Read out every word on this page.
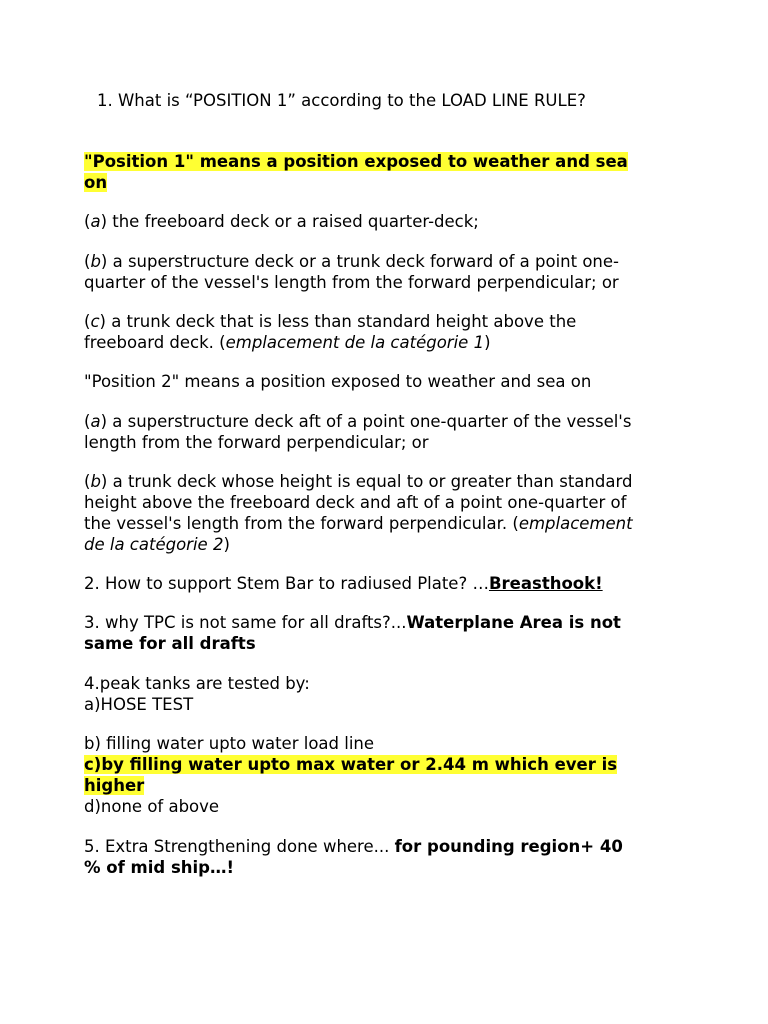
1. What is “POSITION 1” according to the LOAD LINE RULE?
"Position 1" means a position exposed to weather and sea
on
(a) the freeboard deck or a raised quarter-deck;
(b) a superstructure deck or a trunk deck forward of a point one-
quarter of the vessel's length from the forward perpendicular; or
(c) a trunk deck that is less than standard height above the
freeboard deck. (emplacement de la catégorie 1)
"Position 2" means a position exposed to weather and sea on
(a) a superstructure deck aft of a point one-quarter of the vessel's
length from the forward perpendicular; or
(b) a trunk deck whose height is equal to or greater than standard
height above the freeboard deck and aft of a point one-quarter of
the vessel's length from the forward perpendicular. (emplacement
de la catégorie 2)
2. How to support Stem Bar to radiused Plate? …Breasthook!
3. why TPC is not same for all drafts?...Waterplane Area is not
same for all drafts
4.peak tanks are tested by:
a)HOSE TEST
b) filling water upto water load line
c)by filling water upto max water or 2.44 m which ever is
higher
d)none of above
5. Extra Strengthening done where... for pounding region+ 40
% of mid ship…!
